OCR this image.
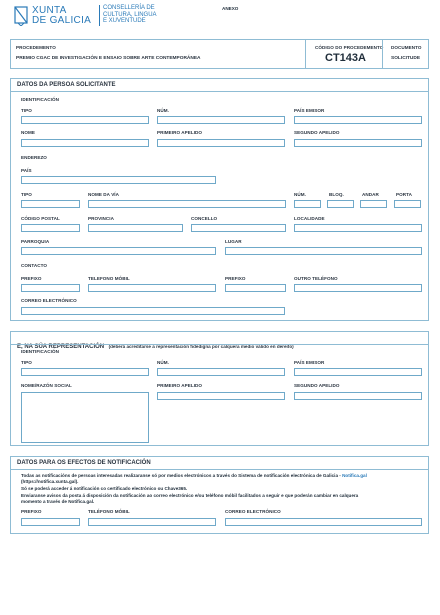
XUNTA
DE GALICIA
CONSELLERÍA DE
CULTURA, LINGUA
E XUVENTUDE
ANEXO
PROCEDEMENTO
PREMIO CGAC DE INVESTIGACIÓN E ENSAIO SOBRE ARTE CONTEMPORÁNEA
CÓDIGO DO PROCEDEMENTO
CT143A
DOCUMENTO
SOLICITUDE
DATOS DA PERSOA SOLICITANTE
IDENTIFICACIÓN
TIPO	NÚM.	PAÍS EMISOR
NOME	PRIMEIRO APELIDO	SEGUNDO APELIDO
ENDEREZO
PAÍS
TIPO	NOME DA VÍA	NÚM.	BLOQ.	ANDAR	PORTA
CÓDIGO POSTAL	PROVINCIA	CONCELLO	LOCALIDADE
PARROQUIA	LUGAR
CONTACTO
PREFIXO	TELEFONO MÓBIL	PREFIXO	OUTRO TELÉFONO
CORREO ELECTRÓNICO
E, NA SÚA REPRESENTACIÓN (deberá acreditarse a representación fidedigna por calquera medio válido en dereito)
IDENTIFICACIÓN
TIPO	NÚM.	PAÍS EMISOR
NOME/RAZÓN SOCIAL	PRIMEIRO APELIDO	SEGUNDO APELIDO
DATOS PARA OS EFECTOS DE NOTIFICACIÓN
Todas as notificacións de persoas interesadas realizaranse só por medios electrónicos a través do Sistema de notificación electrónica de Galicia - Notifica.gal
(https://notifica.xunta.gal).
Só se poderá acceder á notificación co certificado electrónico ou Chave365.
Enviaranse avisos da posta á disposición da notificación ao correo electrónico e/ou teléfono móbil facilitados a seguir e que poderán cambiar en calquera
momento a través de Notifica.gal.
PREFIXO	TELÉFONO MÓBIL	CORREO ELECTRÓNICO
